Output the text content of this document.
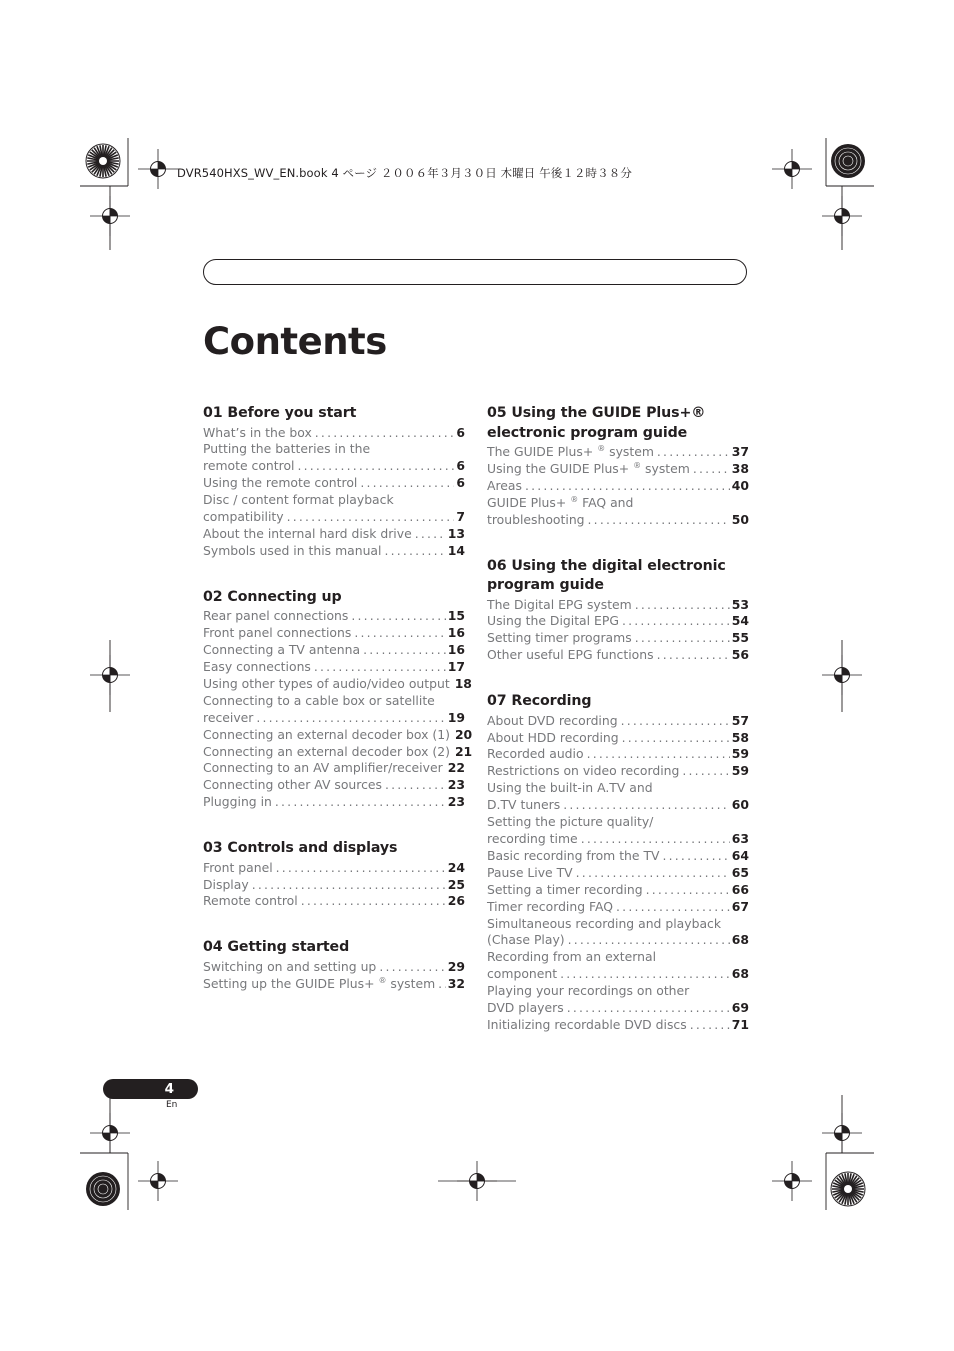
DVR540HXS_WV_EN.book 4 ページ ２００６年３月３０日 木曜日 午後１２時３８分
Contents
01 Before you start
What’s in the box .....	6
Putting the batteries in the
remote control .....	6
Using the remote control .....	6
Disc / content format playback
compatibility .....	7
About the internal hard disk drive .....	13
Symbols used in this manual .....	14
02 Connecting up
Rear panel connections .....	15
Front panel connections .....	16
Connecting a TV antenna .....	16
Easy connections .....	17
Using other types of audio/video output 18
Connecting to a cable box or satellite
receiver .....	19
Connecting an external decoder box (1) 20
Connecting an external decoder box (2) 21
Connecting to an AV amplifier/receiver ..... 22
Connecting other AV sources .....	23
Plugging in .....	23
03 Controls and displays
Front panel .....	24
Display .....	25
Remote control .....	26
04 Getting started
Switching on and setting up .....	29
Setting up the GUIDE Plus+ ® system ..... 32
05 Using the GUIDE Plus+® electronic program guide
The GUIDE Plus+ ® system .....	37
Using the GUIDE Plus+ ® system .....	38
Areas .....	40
GUIDE Plus+ ® FAQ and
troubleshooting .....	50
06 Using the digital electronic program guide
The Digital EPG system .....	53
Using the Digital EPG .....	54
Setting timer programs .....	55
Other useful EPG functions .....	56
07 Recording
About DVD recording .....	57
About HDD recording .....	58
Recorded audio .....	59
Restrictions on video recording .....	59
Using the built-in A.TV and
D.TV tuners .....	60
Setting the picture quality/
recording time .....	63
Basic recording from the TV .....	64
Pause Live TV .....	65
Setting a timer recording .....	66
Timer recording FAQ .....	67
Simultaneous recording and playback
(Chase Play) .....	68
Recording from an external
component .....	68
Playing your recordings on other
DVD players .....	69
Initializing recordable DVD discs .....	71
4
En
